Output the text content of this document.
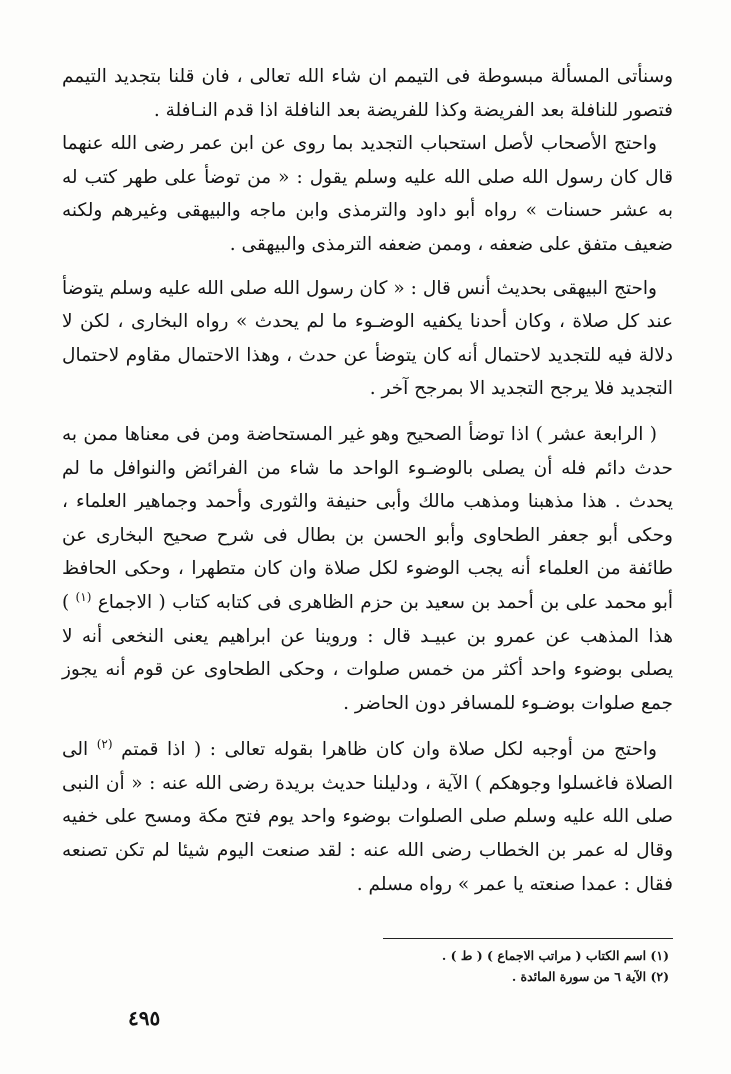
وسنأتى المسألة مبسوطة فى التيمم ان شاء الله تعالى ، فان قلنا بتجديد التيمم فتصور للنافلة بعد الفريضة وكذا للفريضة بعد النافلة اذا قدم النـافلة .

واحتج الأصحاب لأصل استحباب التجديد بما روى عن ابن عمر رضى الله عنهما قال كان رسول الله صلى الله عليه وسلم يقول : « من توضأ على طهر كتب له به عشر حسنات » رواه أبو داود والترمذى وابن ماجه والبيهقى وغيرهم ولكنه ضعيف متفق على ضعفه ، وممن ضعفه الترمذى والبيهقى .

واحتج البيهقى بحديث أنس قال : « كان رسول الله صلى الله عليه وسلم يتوضأ عند كل صلاة ، وكان أحدنا يكفيه الوضـوء ما لم يحدث » رواه البخارى ، لكن لا دلالة فيه للتجديد لاحتمال أنه كان يتوضأ عن حدث ، وهذا الاحتمال مقاوم لاحتمال التجديد فلا يرجح التجديد الا بمرجح آخر .

( الرابعة عشر ) اذا توضأ الصحيح وهو غير المستحاضة ومن فى معناها ممن به حدث دائم فله أن يصلى بالوضـوء الواحد ما شاء من الفرائض والنوافل ما لم يحدث . هذا مذهبنا ومذهب مالك وأبى حنيفة والثورى وأحمد وجماهير العلماء ، وحكى أبو جعفر الطحاوى وأبو الحسن بن بطال فى شرح صحيح البخارى عن طائفة من العلماء أنه يجب الوضوء لكل صلاة وان كان متطهرا ، وحكى الحافظ أبو محمد على بن أحمد بن سعيد بن حزم الظاهرى فى كتابه كتاب ( الاجماع $^{(١)}$ ) هذا المذهب عن عمرو بن عبيـد قال : وروينا عن ابراهيم يعنى النخعى أنه لا يصلى بوضوء واحد أكثر من خمس صلوات ، وحكى الطحاوى عن قوم أنه يجوز جمع صلوات بوضـوء للمسافر دون الحاضر .

واحتج من أوجبه لكل صلاة وان كان ظاهرا بقوله تعالى : ( اذا قمتم $^{(٢)}$ الى الصلاة فاغسلوا وجوهكم ) الآية ، ودليلنا حديث بريدة رضى الله عنه : « أن النبى صلى الله عليه وسلم صلى الصلوات بوضوء واحد يوم فتح مكة ومسح على خفيه وقال له عمر بن الخطاب رضى الله عنه : لقد صنعت اليوم شيئا لم تكن تصنعه فقال : عمدا صنعته يا عمر » رواه مسلم .

(١) اسم الكتاب ( مراتب الاجماع ) ( ط ) .
(٢) الآية ٦ من سورة المائدة .
٤٩٥
